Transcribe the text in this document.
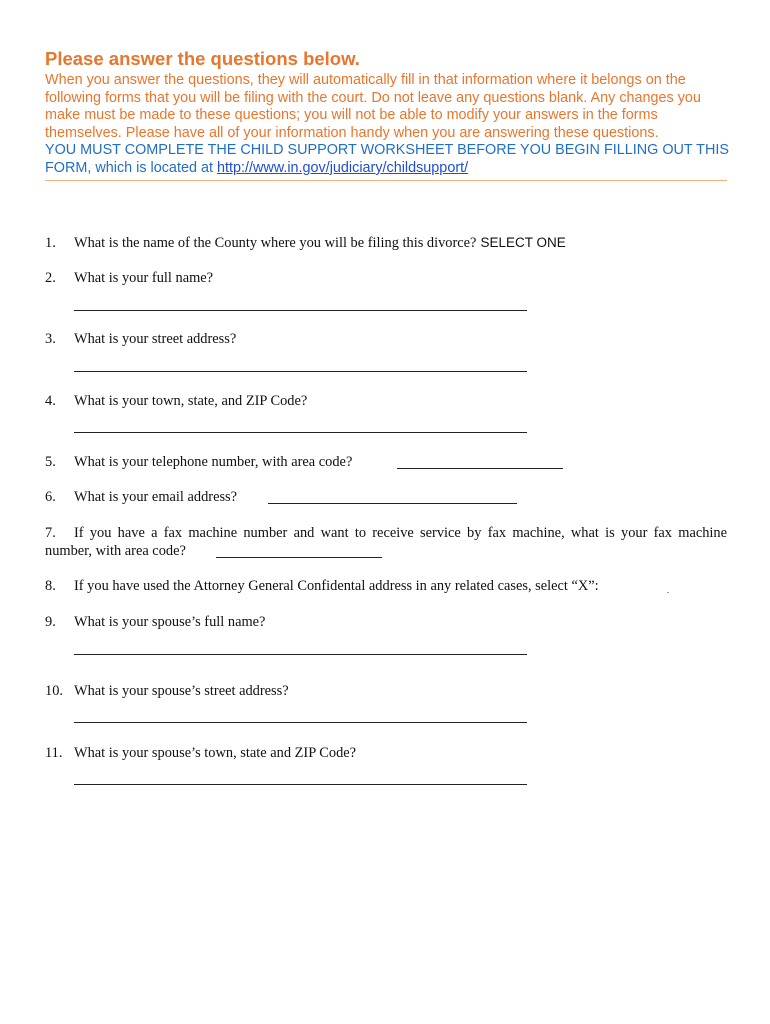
Please answer the questions below.
When you answer the questions, they will automatically fill in that information where it belongs on the following forms that you will be filing with the court. Do not leave any questions blank. Any changes you make must be made to these questions; you will not be able to modify your answers in the forms themselves. Please have all of your information handy when you are answering these questions.
YOU MUST COMPLETE THE CHILD SUPPORT WORKSHEET BEFORE YOU BEGIN FILLING OUT THIS FORM, which is located at http://www.in.gov/judiciary/childsupport/
1. What is the name of the County where you will be filing this divorce? SELECT ONE
2. What is your full name?
3. What is your street address?
4. What is your town, state, and ZIP Code?
5. What is your telephone number, with area code?
6. What is your email address?
7. If you have a fax machine number and want to receive service by fax machine, what is your fax machine number, with area code?
8. If you have used the Attorney General Confidental address in any related cases, select “X”:
9. What is your spouse’s full name?
10. What is your spouse’s street address?
11. What is your spouse’s town, state and ZIP Code?
